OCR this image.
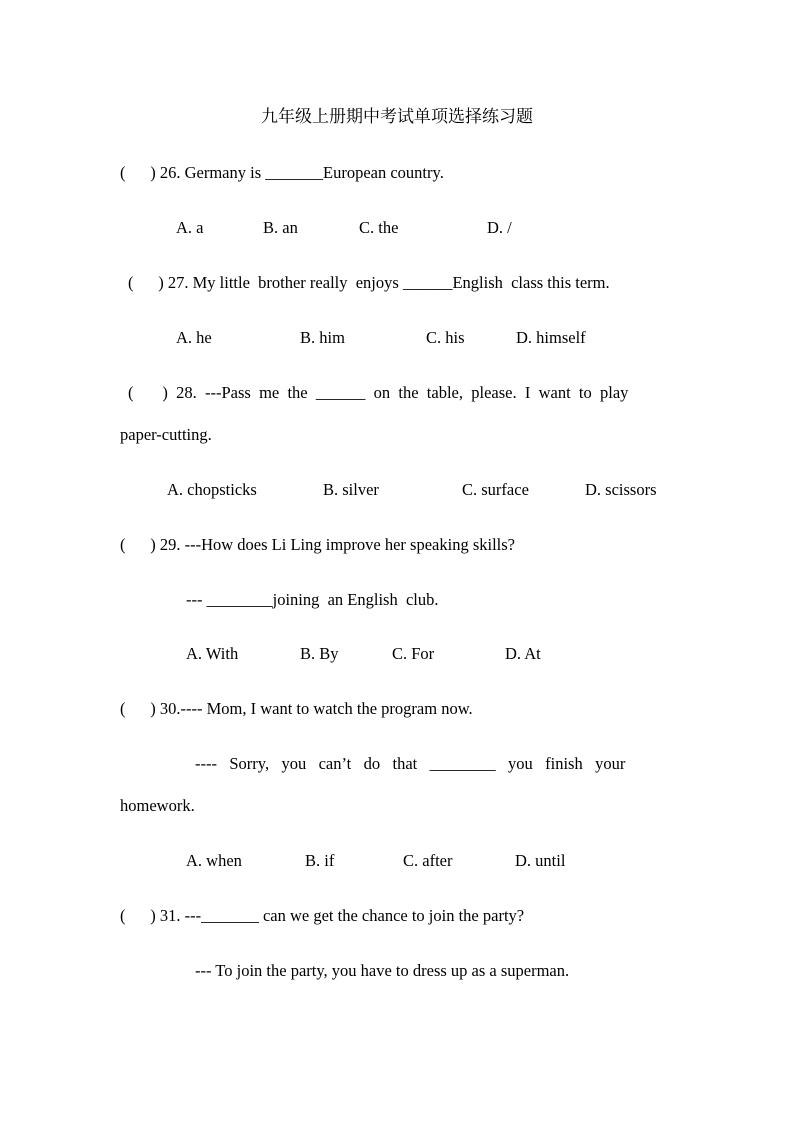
九年级上册期中考试单项选择练习题
(      ) 26. Germany is _______European country.
A. a	B. an	C. the	D. /
(      ) 27. My little  brother really  enjoys ______English  class this term.
A. he	B. him	C. his	D. himself
(       )  28.  ---Pass  me  the  ______  on  the  table,  please.  I  want  to  play
paper-cutting.
A. chopsticks	B. silver	C. surface	D. scissors
(      ) 29. ---How does Li Ling improve her speaking skills?
--- ________joining  an English  club.
A. With	B. By	C. For	D. At
(      ) 30.---- Mom, I want to watch the program now.
----   Sorry,   you   can’t   do   that   ________   you   finish   your
homework.
A. when	B. if	C. after	D. until
(      ) 31. ---_______ can we get the chance to join the party?
--- To join the party, you have to dress up as a superman.
